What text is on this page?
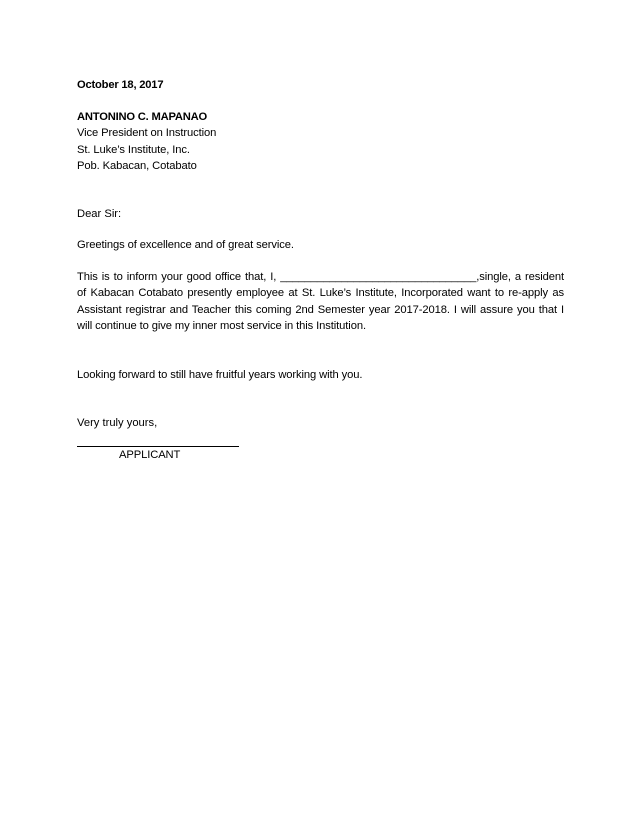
October 18, 2017
ANTONINO C. MAPANAO
Vice President on Instruction
St. Luke’s Institute, Inc.
Pob. Kabacan, Cotabato
Dear Sir:
Greetings of excellence and of great service.
This is to inform your good office that, I, ________________________________,single, a resident of Kabacan Cotabato presently employee at St. Luke’s Institute, Incorporated want to re-apply as Assistant registrar and Teacher this coming 2nd Semester year 2017-2018. I will assure you that I will continue to give my inner most service in this Institution.
Looking forward to still have fruitful years working with you.
Very truly yours,
APPLICANT
